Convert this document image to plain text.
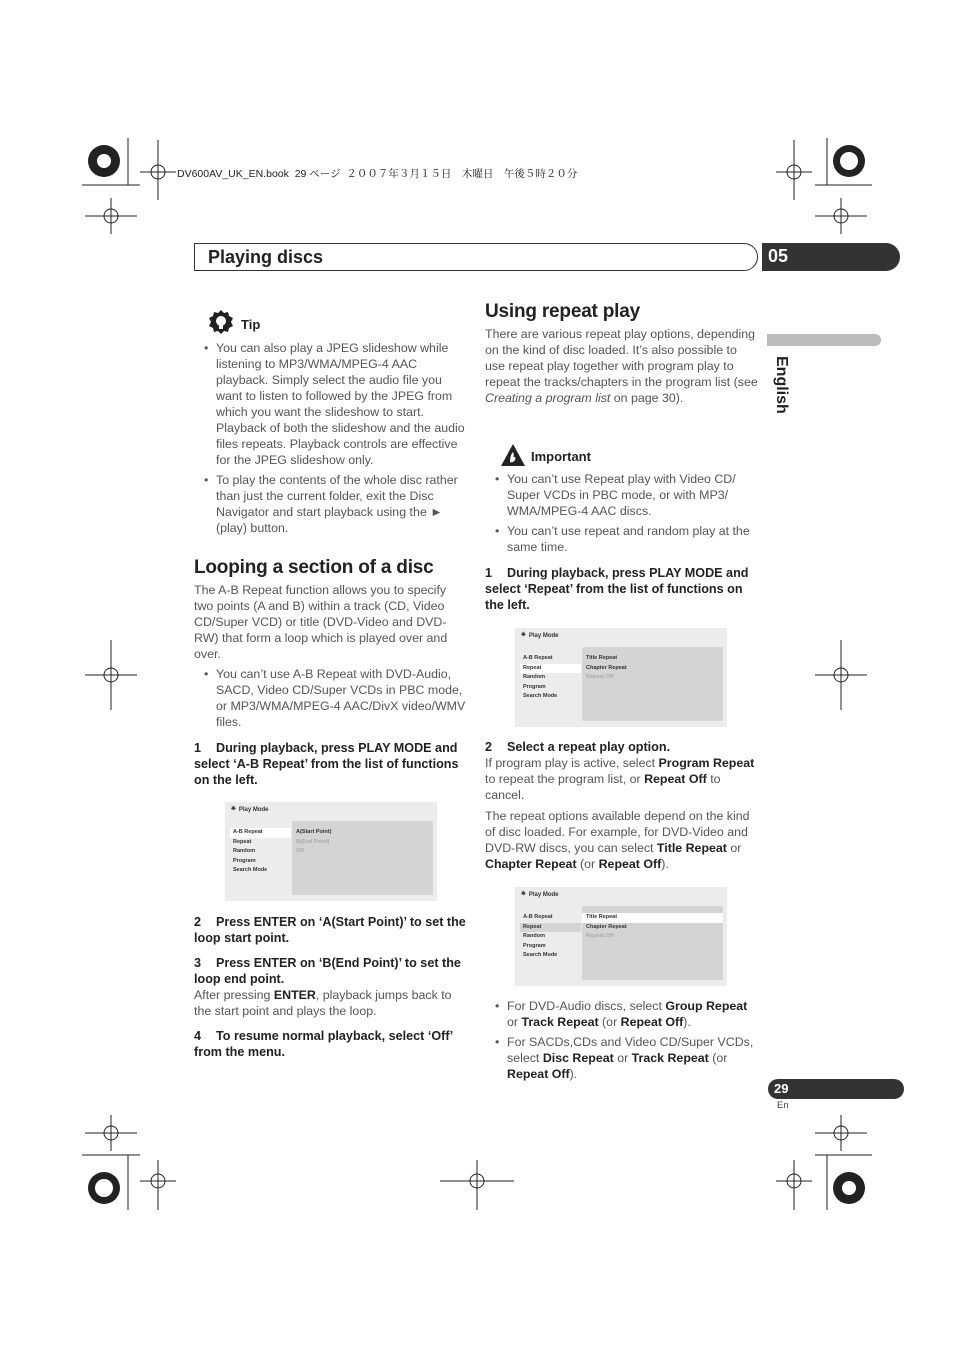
DV600AV_UK_EN.book  29 ページ  ２００７年３月１５日　木曜日　午後５時２０分
Playing discs	05
English
Tip
• You can also play a JPEG slideshow while listening to MP3/WMA/MPEG-4 AAC playback. Simply select the audio file you want to listen to followed by the JPEG from which you want the slideshow to start. Playback of both the slideshow and the audio files repeats. Playback controls are effective for the JPEG slideshow only.
• To play the contents of the whole disc rather than just the current folder, exit the Disc Navigator and start playback using the ► (play) button.
Looping a section of a disc
The A-B Repeat function allows you to specify two points (A and B) within a track (CD, Video CD/Super VCD) or title (DVD-Video and DVD-RW) that form a loop which is played over and over.
• You can’t use A-B Repeat with DVD-Audio, SACD, Video CD/Super VCDs in PBC mode, or MP3/WMA/MPEG-4 AAC/DivX video/WMV files.
1 During playback, press PLAY MODE and select ‘A-B Repeat’ from the list of functions on the left.
⎈ Play Mode
A-B Repeat
Repeat
Random
Program
Search Mode
A(Start Point)
B(End Point)
Off
2 Press ENTER on ‘A(Start Point)’ to set the loop start point.
3 Press ENTER on ‘B(End Point)’ to set the loop end point.
After pressing ENTER, playback jumps back to the start point and plays the loop.
4 To resume normal playback, select ‘Off’ from the menu.
Using repeat play
There are various repeat play options, depending on the kind of disc loaded. It’s also possible to use repeat play together with program play to repeat the tracks/chapters in the program list (see Creating a program list on page 30).
Important
• You can’t use Repeat play with Video CD/ Super VCDs in PBC mode, or with MP3/ WMA/MPEG-4 AAC discs.
• You can’t use repeat and random play at the same time.
1 During playback, press PLAY MODE and select ‘Repeat’ from the list of functions on the left.
⎈ Play Mode
A-B Repeat
Repeat
Random
Program
Search Mode
Title Repeat
Chapter Repeat
Repeat Off
2 Select a repeat play option.
If program play is active, select Program Repeat to repeat the program list, or Repeat Off to cancel.
The repeat options available depend on the kind of disc loaded. For example, for DVD-Video and DVD-RW discs, you can select Title Repeat or Chapter Repeat (or Repeat Off).
⎈ Play Mode
A-B Repeat
Repeat
Random
Program
Search Mode
Title Repeat
Chapter Repeat
Repeat Off
• For DVD-Audio discs, select Group Repeat or Track Repeat (or Repeat Off).
• For SACDs,CDs and Video CD/Super VCDs, select Disc Repeat or Track Repeat (or Repeat Off).
29
En
